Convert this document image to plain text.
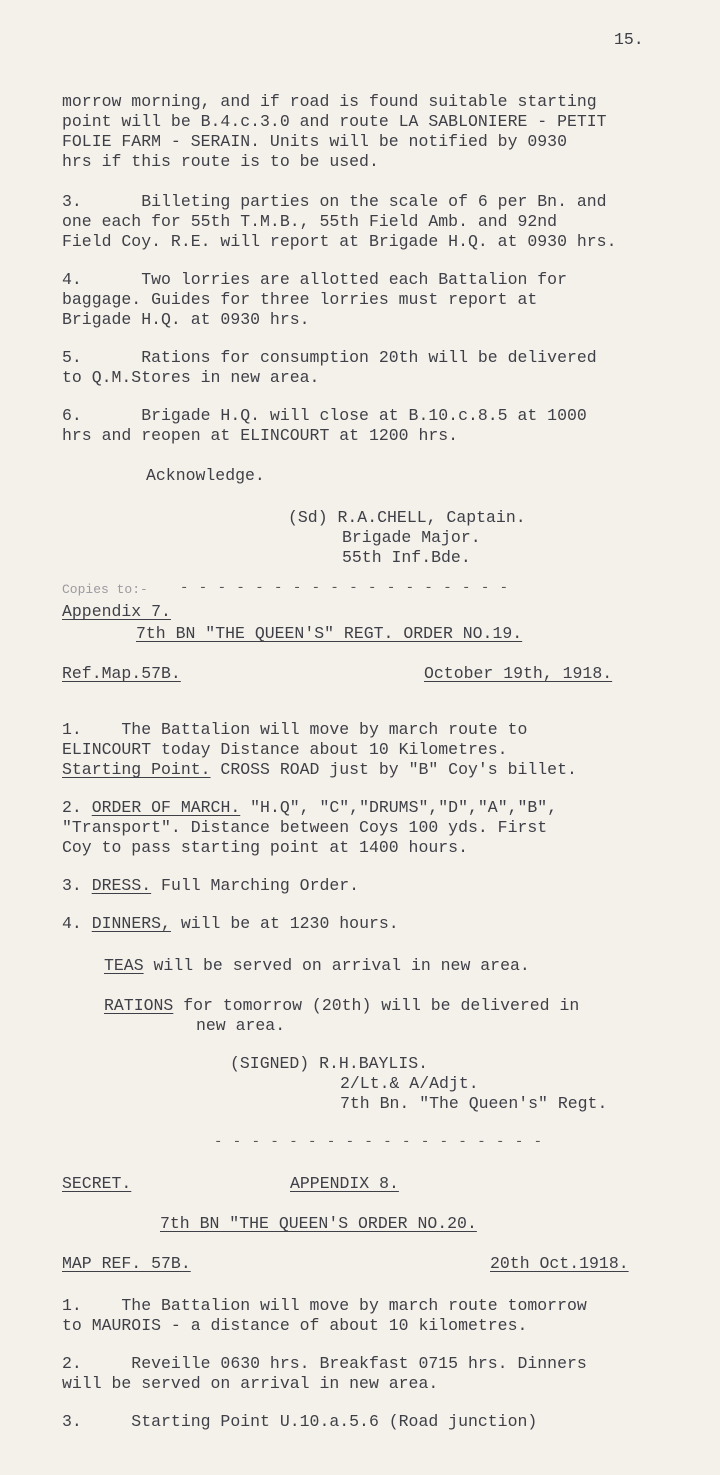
15.
morrow morning, and if road is found suitable starting
point will be B.4.c.3.0 and route LA SABLONIERE - PETIT
FOLIE FARM - SERAIN. Units will be notified by 0930
hrs if this route is to be used.
3.      Billeting parties on the scale of 6 per Bn. and
one each for 55th T.M.B., 55th Field Amb. and 92nd
Field Coy. R.E. will report at Brigade H.Q. at 0930 hrs.
4.      Two lorries are allotted each Battalion for
baggage. Guides for three lorries must report at
Brigade H.Q. at 0930 hrs.
5.      Rations for consumption 20th will be delivered
to Q.M.Stores in new area.
6.      Brigade H.Q. will close at B.10.c.8.5 at 1000
hrs and reopen at ELINCOURT at 1200 hrs.
Acknowledge.
(Sd) R.A.CHELL, Captain.
Brigade Major.
55th Inf.Bde.
Copies to:- - - - - - - - - - - - - - - - - - -
Appendix 7.
7th BN "THE QUEEN'S" REGT. ORDER NO.19.
Ref.Map.57B.	October 19th, 1918.
1.    The Battalion will move by march route to
ELINCOURT today Distance about 10 Kilometres.
Starting Point. CROSS ROAD just by "B" Coy's billet.
2. ORDER OF MARCH. "H.Q", "C","DRUMS","D","A","B",
"Transport". Distance between Coys 100 yds. First
Coy to pass starting point at 1400 hours.
3. DRESS. Full Marching Order.
4. DINNERS, will be at 1230 hours.
TEAS will be served on arrival in new area.
RATIONS for tomorrow (20th) will be delivered in
new area.
(SIGNED) R.H.BAYLIS.
2/Lt.& A/Adjt.
7th Bn. "The Queen's" Regt.
- - - - - - - - - - - - - - - - - -
SECRET.	APPENDIX 8.
7th BN "THE QUEEN'S ORDER NO.20.
MAP REF. 57B.	20th Oct.1918.
1.    The Battalion will move by march route tomorrow
to MAUROIS - a distance of about 10 kilometres.
2.     Reveille 0630 hrs. Breakfast 0715 hrs. Dinners
will be served on arrival in new area.
3.     Starting Point U.10.a.5.6 (Road junction)
